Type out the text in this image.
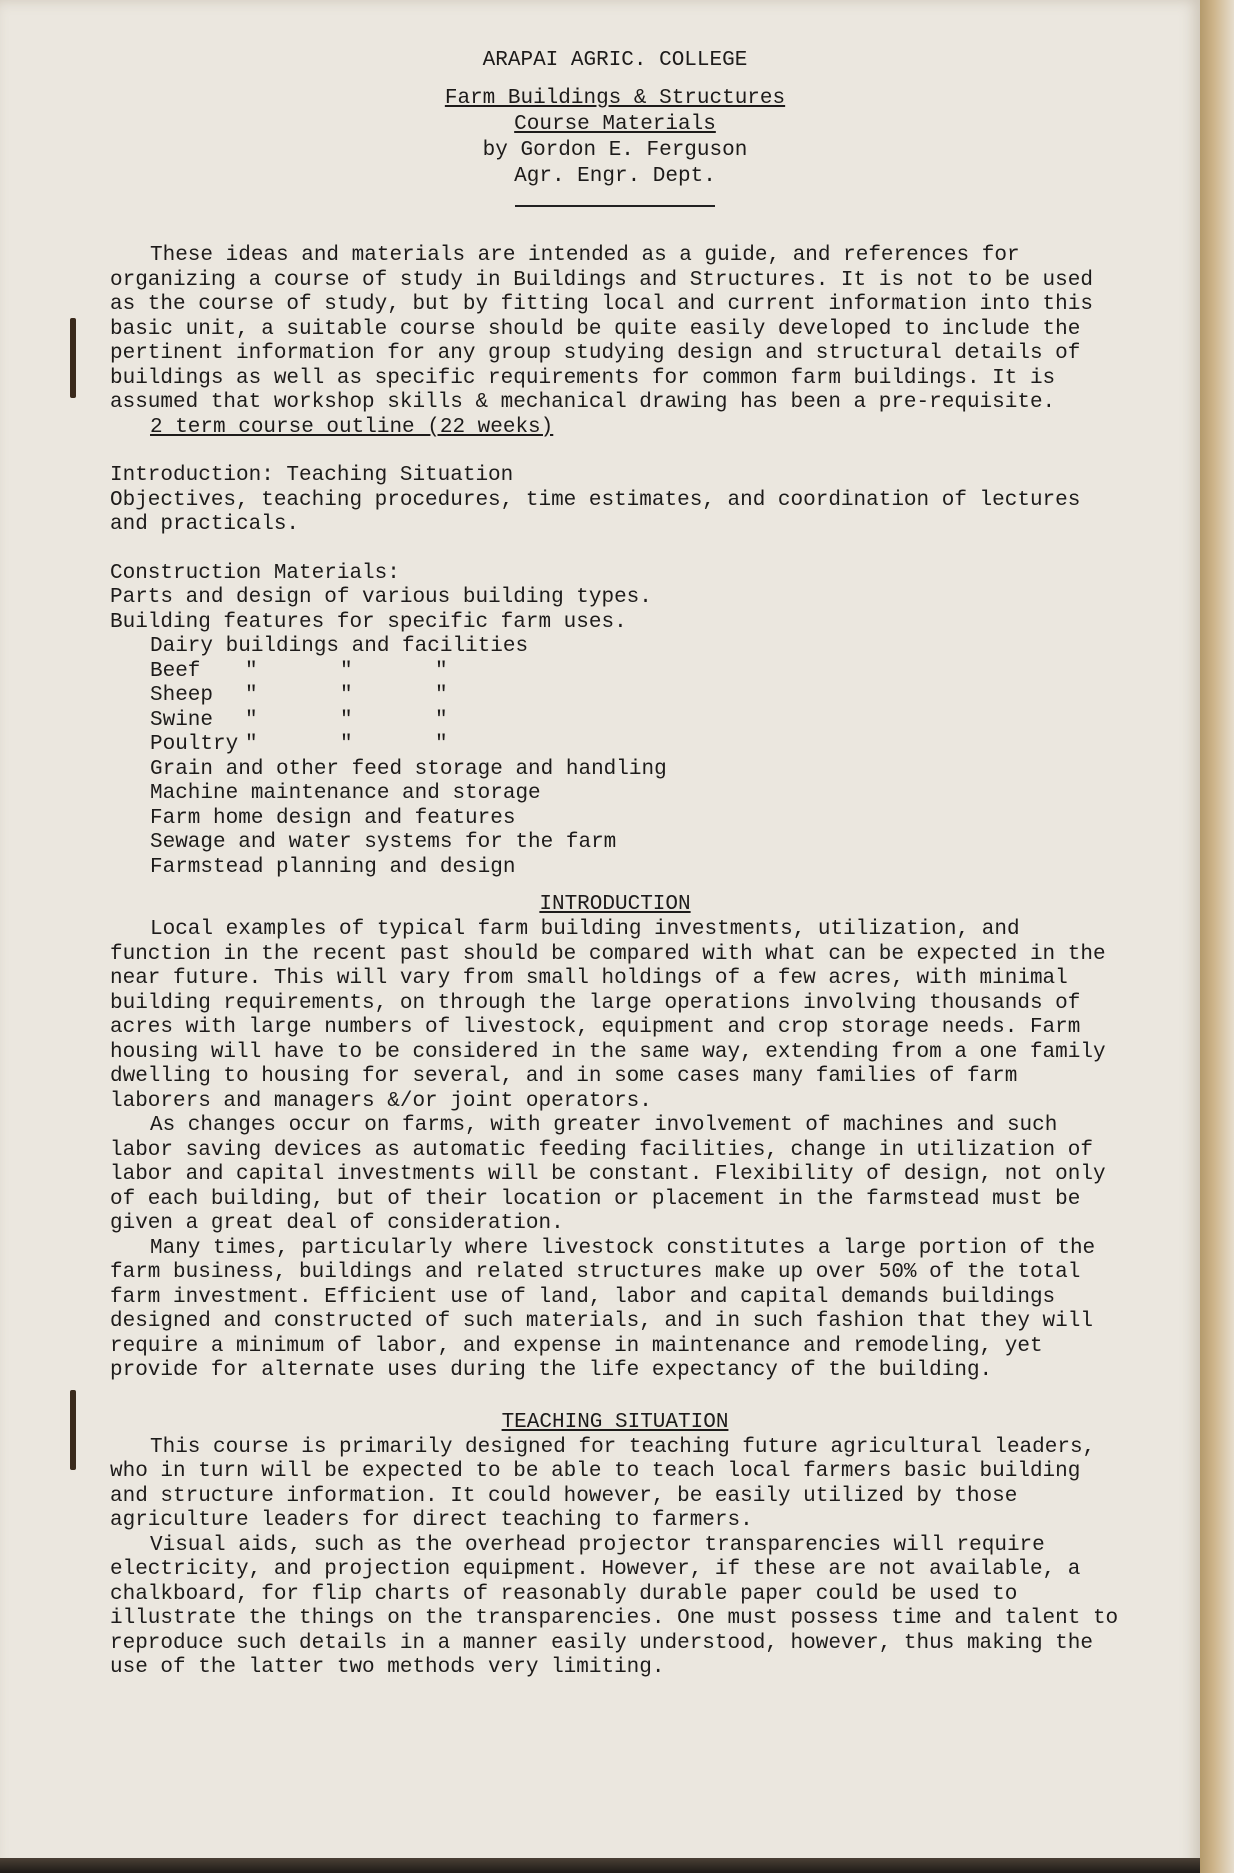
ARAPAI AGRIC. COLLEGE
Farm Buildings & Structures
Course Materials
by Gordon E. Ferguson
Agr. Engr. Dept.

These ideas and materials are intended as a guide, and references for organizing a course of study in Buildings and Structures. It is not to be used as the course of study, but by fitting local and current information into this basic unit, a suitable course should be quite easily developed to include the pertinent information for any group studying design and structural details of buildings as well as specific requirements for common farm buildings. It is assumed that workshop skills & mechanical drawing has been a pre-requisite.

2 term course outline (22 weeks)

Introduction: Teaching Situation
Objectives, teaching procedures, time estimates, and coordination of lectures and practicals.
Construction Materials:
Parts and design of various building types.
Building features for specific farm uses.
Dairy buildings and facilities
Beef "	"	"
Sheep "	"	"
Swine "	"	"
Poultry "	"	"
Grain and other feed storage and handling
Machine maintenance and storage
Farm home design and features
Sewage and water systems for the farm
Farmstead planning and design
INTRODUCTION

Local examples of typical farm building investments, utilization, and function in the recent past should be compared with what can be expected in the near future. This will vary from small holdings of a few acres, with minimal building requirements, on through the large operations involving thousands of acres with large numbers of livestock, equipment and crop storage needs. Farm housing will have to be considered in the same way, extending from a one family dwelling to housing for several, and in some cases many families of farm laborers and managers &/or joint operators.

As changes occur on farms, with greater involvement of machines and such labor saving devices as automatic feeding facilities, change in utilization of labor and capital investments will be constant. Flexibility of design, not only of each building, but of their location or placement in the farmstead must be given a great deal of consideration.

Many times, particularly where livestock constitutes a large portion of the farm business, buildings and related structures make up over 50% of the total farm investment. Efficient use of land, labor and capital demands buildings designed and constructed of such materials, and in such fashion that they will require a minimum of labor, and expense in maintenance and remodeling, yet provide for alternate uses during the life expectancy of the building.

TEACHING SITUATION

This course is primarily designed for teaching future agricultural leaders, who in turn will be expected to be able to teach local farmers basic building and structure information. It could however, be easily utilized by those agriculture leaders for direct teaching to farmers.

Visual aids, such as the overhead projector transparencies will require electricity, and projection equipment. However, if these are not available, a chalkboard, for flip charts of reasonably durable paper could be used to illustrate the things on the transparencies. One must possess time and talent to reproduce such details in a manner easily understood, however, thus making the use of the latter two methods very limiting.
